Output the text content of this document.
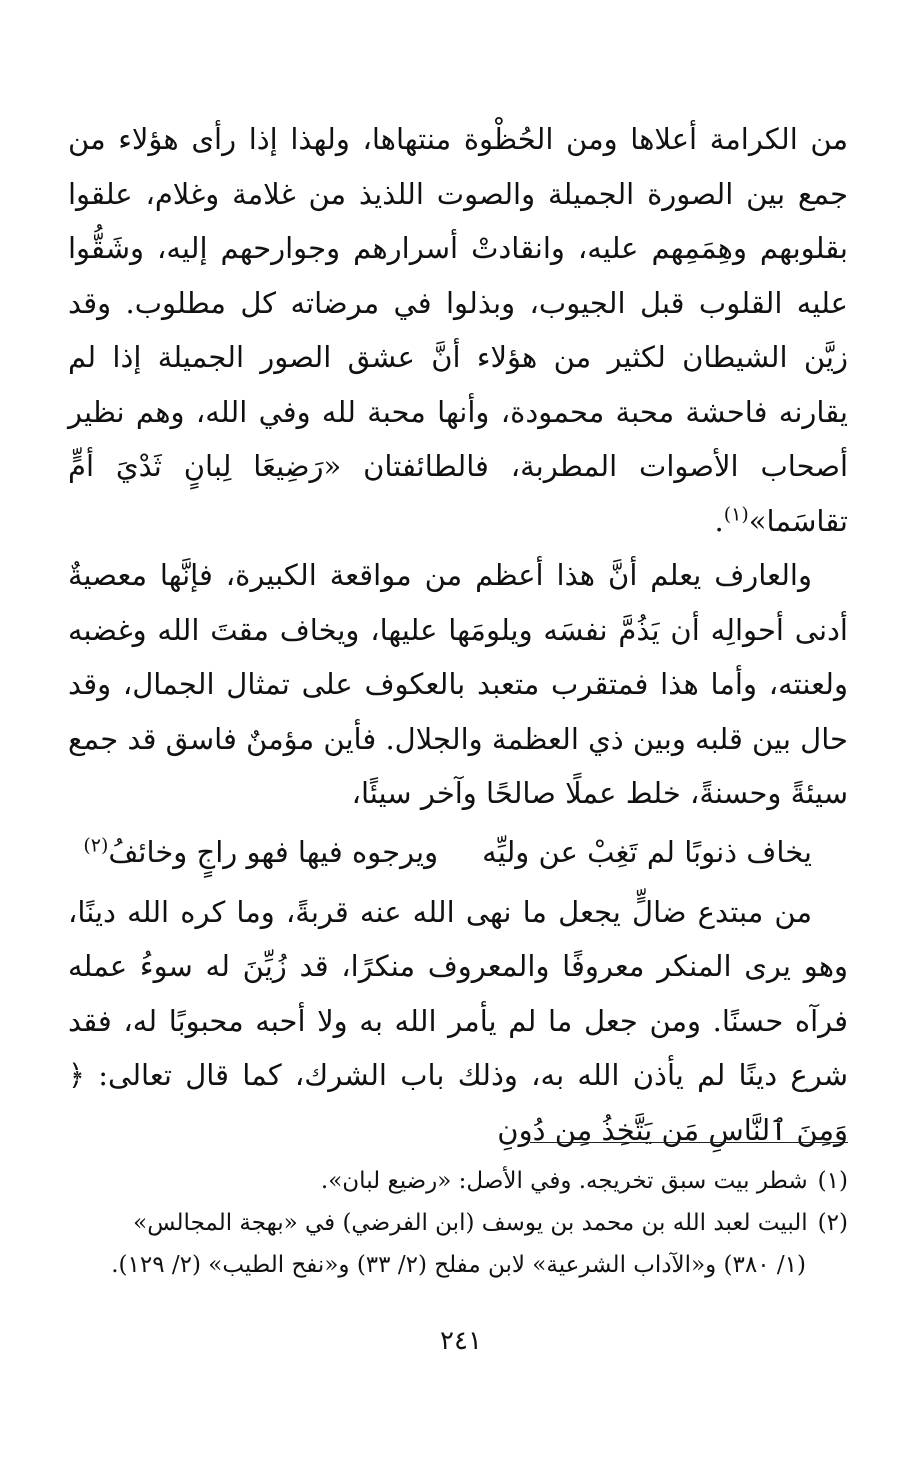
من الكرامة أعلاها ومن الحُظْوة منتهاها، ولهذا إذا رأى هؤلاء من جمع بين الصورة الجميلة والصوت اللذيذ من غلامة وغلام، علقوا بقلوبهم وهِمَمِهم عليه، وانقادتْ أسرارهم وجوارحهم إليه، وشَقُّوا عليه القلوب قبل الجيوب، وبذلوا في مرضاته كل مطلوب. وقد زيَّن الشيطان لكثير من هؤلاء أنَّ عشق الصور الجميلة إذا لم يقارنه فاحشة محبة محمودة، وأنها محبة لله وفي الله، وهم نظير أصحاب الأصوات المطربة، فالطائفتان «رَضِيعَا لِبانٍ ثَدْيَ أمٍّ تقاسَما»$^{(١)}$.

والعارف يعلم أنَّ هذا أعظم من مواقعة الكبيرة، فإنَّها معصيةٌ أدنى أحوالِه أن يَذُمَّ نفسَه ويلومَها عليها، ويخاف مقتَ الله وغضبه ولعنته، وأما هذا فمتقرب متعبد بالعكوف على تمثال الجمال، وقد حال بين قلبه وبين ذي العظمة والجلال. فأين مؤمنٌ فاسق قد جمع سيئةً وحسنةً، خلط عملًا صالحًا وآخر سيئًا،

يخاف ذنوبًا لم تَغِبْ عن وليِّه
ويرجوه فيها فهو راجٍ وخائفُ$^{(٢)}$

من مبتدع ضالٍّ يجعل ما نهى الله عنه قربةً، وما كره الله دينًا، وهو يرى المنكر معروفًا والمعروف منكرًا، قد زُيِّنَ له سوءُ عمله فرآه حسنًا. ومن جعل ما لم يأمر الله به ولا أحبه محبوبًا له، فقد شرع دينًا لم يأذن الله به، وذلك باب الشرك، كما قال تعالى: ﴿ وَمِنَ ٱلنَّاسِ مَن يَتَّخِذُ مِن دُونِ

(١)شطر بيت سبق تخريجه. وفي الأصل: «رضيع لبان».

(٢)البيت لعبد الله بن محمد بن يوسف (ابن الفرضي) في «بهجة المجالس»

(١/ ٣٨٠) و«الآداب الشرعية» لابن مفلح (٢/ ٣٣) و«نفح الطيب» (٢/ ١٢٩).

٢٤١
